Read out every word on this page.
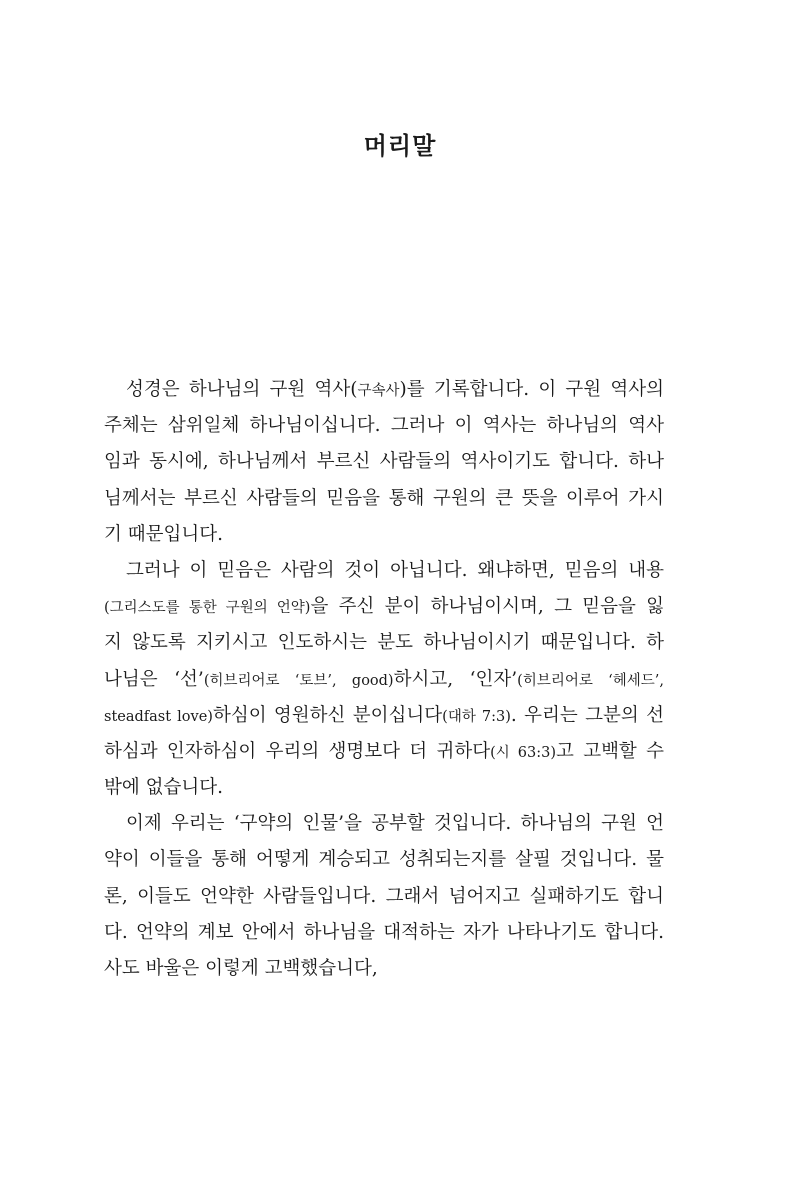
머리말
성경은 하나님의 구원 역사(구속사)를 기록합니다. 이 구원 역사의
주체는 삼위일체 하나님이십니다. 그러나 이 역사는 하나님의 역사
임과 동시에, 하나님께서 부르신 사람들의 역사이기도 합니다. 하나
님께서는 부르신 사람들의 믿음을 통해 구원의 큰 뜻을 이루어 가시
기 때문입니다.
그러나 이 믿음은 사람의 것이 아닙니다. 왜냐하면, 믿음의 내용
(그리스도를 통한 구원의 언약)을 주신 분이 하나님이시며, 그 믿음을 잃
지 않도록 지키시고 인도하시는 분도 하나님이시기 때문입니다. 하
나님은 ‘선’(히브리어로 ‘토브’, good)하시고, ‘인자’(히브리어로 ‘헤세드’,
steadfast love)하심이 영원하신 분이십니다(대하 7:3). 우리는 그분의 선
하심과 인자하심이 우리의 생명보다 더 귀하다(시 63:3)고 고백할 수
밖에 없습니다.
이제 우리는 ‘구약의 인물’을 공부할 것입니다. 하나님의 구원 언
약이 이들을 통해 어떻게 계승되고 성취되는지를 살필 것입니다. 물
론, 이들도 언약한 사람들입니다. 그래서 넘어지고 실패하기도 합니
다. 언약의 계보 안에서 하나님을 대적하는 자가 나타나기도 합니다.
사도 바울은 이렇게 고백했습니다,
